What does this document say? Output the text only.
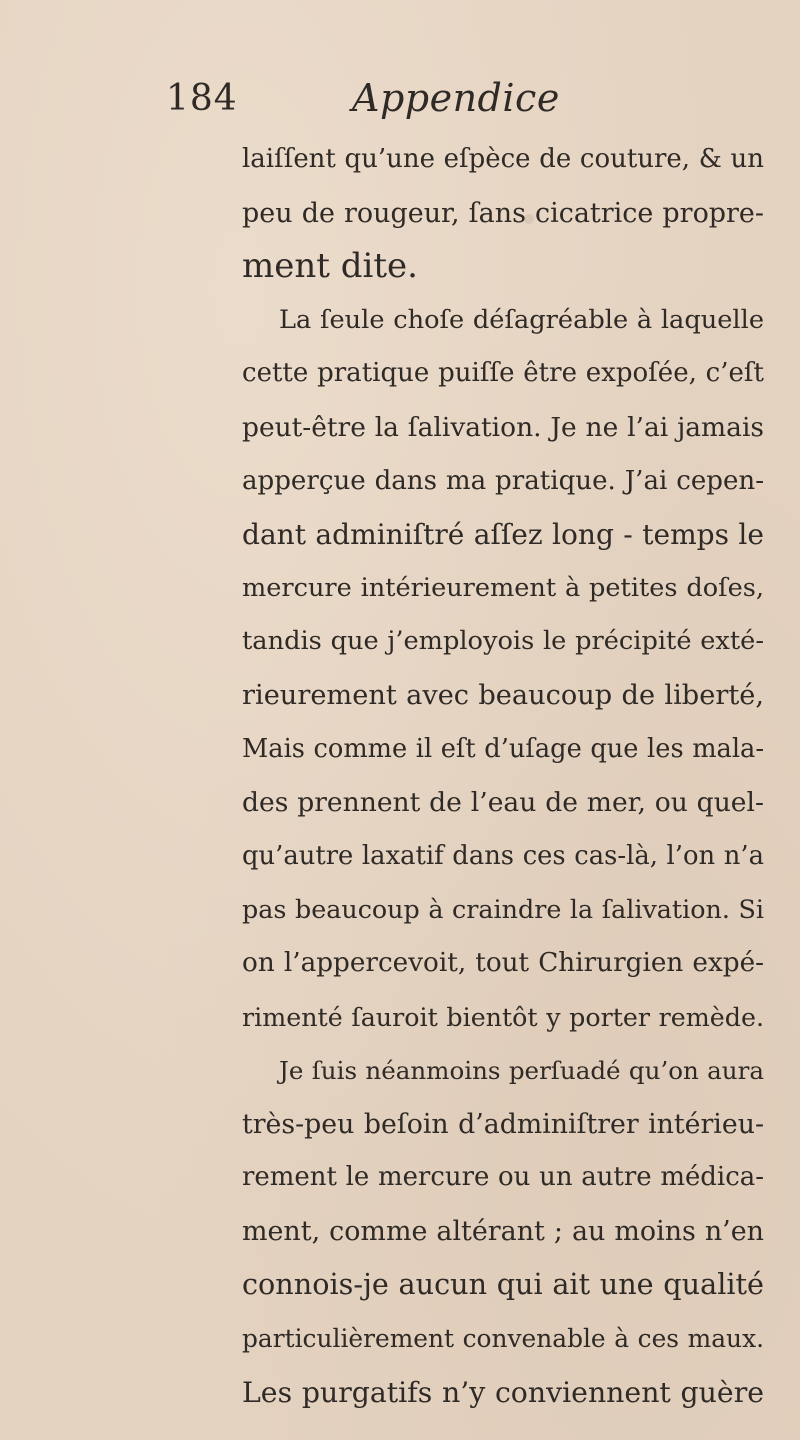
184	Appendice
laiſſent qu’une eſpèce de couture, & un
peu de rougeur, ſans cicatrice propre-
ment dite.
La ſeule choſe déſagréable à laquelle
cette pratique puiſſe être expoſée, c’eſt
peut-être la ſalivation. Je ne l’ai jamais
apperçue dans ma pratique. J’ai cepen-
dant adminiſtré aſſez long - temps le
mercure intérieurement à petites doſes,
tandis que j’employois le précipité exté-
rieurement avec beaucoup de liberté,
Mais comme il eſt d’uſage que les mala-
des prennent de l’eau de mer, ou quel-
qu’autre laxatif dans ces cas-là, l’on n’a
pas beaucoup à craindre la ſalivation. Si
on l’appercevoit, tout Chirurgien expé-
rimenté ſauroit bientôt y porter remède.
Je ſuis néanmoins perſuadé qu’on aura
très-peu beſoin d’adminiſtrer intérieu-
rement le mercure ou un autre médica-
ment, comme altérant ; au moins n’en
connois-je aucun qui ait une qualité
particulièrement convenable à ces maux.
Les purgatifs n’y conviennent guère
